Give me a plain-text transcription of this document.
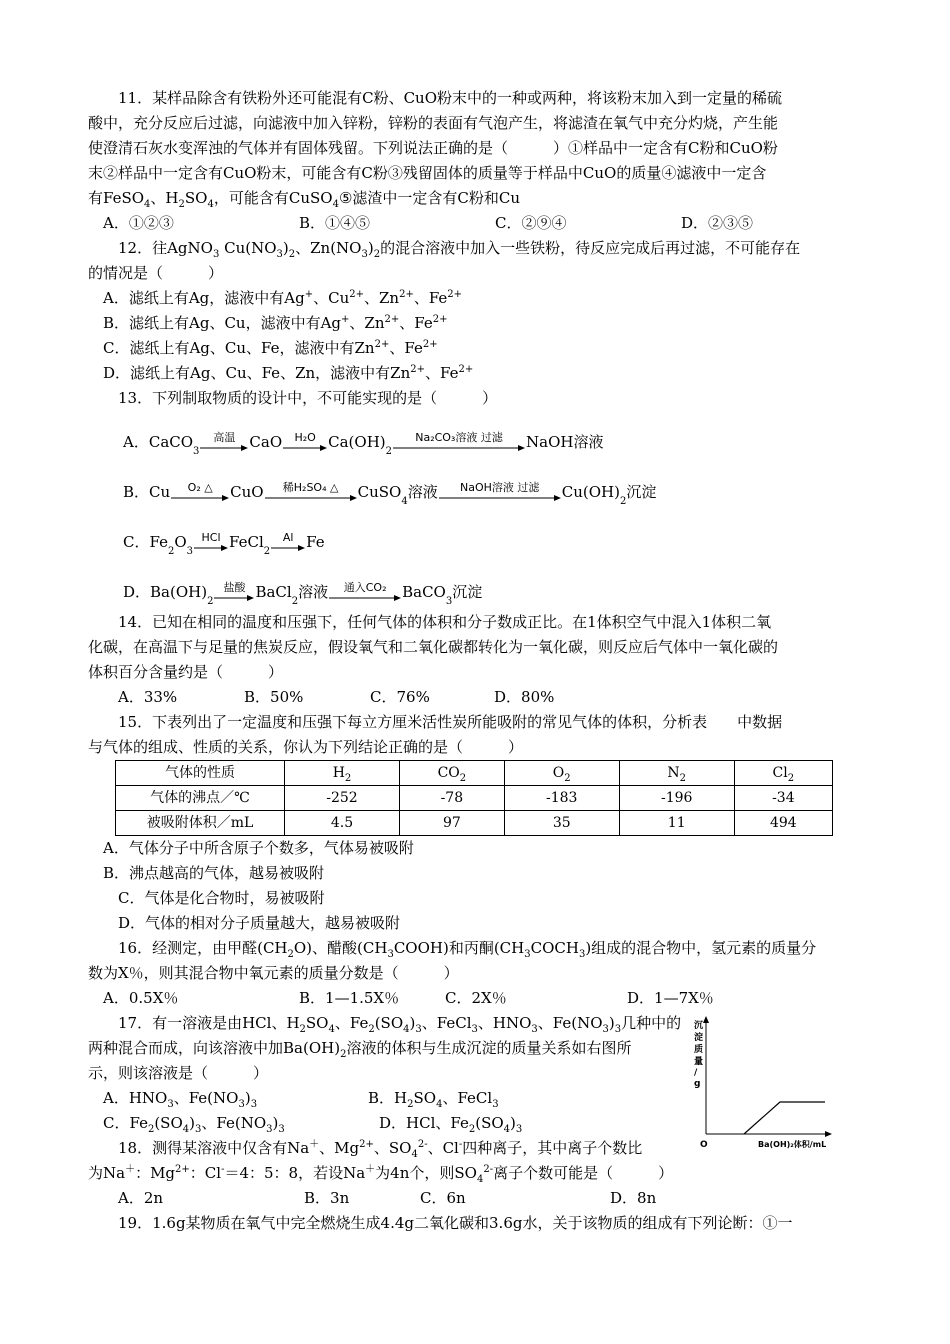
11．某样品除含有铁粉外还可能混有C粉、CuO粉末中的一种或两种，将该粉末加入到一定量的稀硫
酸中，充分反应后过滤，向滤液中加入锌粉，锌粉的表面有气泡产生，将滤渣在氧气中充分灼烧，产生能
使澄清石灰水变浑浊的气体并有固体残留。下列说法正确的是（　　　）①样品中一定含有C粉和CuO粉
末②样品中一定含有CuO粉末，可能含有C粉③残留固体的质量等于样品中CuO的质量④滤液中一定含
有FeSO$_4$、$H_2SO_4$，可能含有CuSO$_4$⑤滤渣中一定含有C粉和Cu
A．①②③	B．①④⑤	C．②⑨④	D．②③⑤
12．往AgNO$_3$ $Cu(NO_3)_2$、$Zn(NO_3)_2$的混合溶液中加入一些铁粉，待反应完成后再过滤，不可能存在
的情况是（　　　）
A．滤纸上有Ag，滤液中有Ag+、$Cu^{2+}$、$Zn^{2+}$、$Fe^{2+}$
B．滤纸上有Ag、Cu，滤液中有Ag+、$Zn^{2+}$、$Fe^{2+}$
C．滤纸上有Ag、Cu、Fe，滤液中有$Zn^{2+}$、$Fe^{2+}$
D．滤纸上有Ag、Cu、Fe、Zn，滤液中有$Zn^{2+}$、$Fe^{2+}$
13．下列制取物质的设计中，不可能实现的是（　　　）
A． CaCO
3
高温 CaO	H₂O Ca(OH)
2
Na₂CO₃溶液 过滤	NaOH溶液
B． Cu	O₂ △	CuO	稀H₂SO₄ △	CuSO
4
溶液	NaOH溶液 过滤	Cu(OH)
2
沉淀
C． Fe
2
O
3
HCl FeCl
2
Al Fe
D． Ba(OH)
2
盐酸 BaCl
2
溶液	通入CO₂	BaCO
3
沉淀
14．已知在相同的温度和压强下，任何气体的体积和分子数成正比。在1体积空气中混入1体积二氧
化碳，在高温下与足量的焦炭反应，假设氧气和二氧化碳都转化为一氧化碳，则反应后气体中一氧化碳的
体积百分含量约是（　　　）
A．33%	B．50%	C．76%	D．80%
15．下表列出了一定温度和压强下每立方厘米活性炭所能吸附的常见气体的体积，分析表　　中数据
与气体的组成、性质的关系，你认为下列结论正确的是（　　　）
气体的性质	$H_2$	$CO_2$	$O_2$	$N_2$	$Cl_2$
气体的沸点／℃	-252	-78	-183	-196	-34
被吸附体积／mL	4.5	97	35	11	494
A．气体分子中所含原子个数多，气体易被吸附
B．沸点越高的气体，越易被吸附
C．气体是化合物时，易被吸附
D．气体的相对分子质量越大，越易被吸附
16．经测定，由甲醛$(CH_2O)$、醋酸$(CH_3COOH)$和丙酮$(CH_3COCH_3)$组成的混合物中，氢元素的质量分
数为X％，则其混合物中氧元素的质量分数是（　　　）
A．0.5X％	B．1—1.5X％	C．2X％	D．1—7X％
17．有一溶液是由HCl、$H_2SO_4$、$Fe_2(SO_4)_3$、FeCl$_3$、$HNO_3$、$Fe(NO_3)_3$几种中的
两种混合而成，向该溶液中加$Ba(OH)_2$溶液的体积与生成沉淀的质量关系如右图所
示，则该溶液是（　　　）
A．$HNO_3$、$Fe(NO_3)_3$	B．$H_2SO_4$、FeCl$_3$
C．$Fe_2(SO_4)_3$、$Fe(NO_3)_3$	D．HCl、$Fe_2(SO_4)_3$
18．测得某溶液中仅含有Na＋、$Mg^{2+}$、$SO_4^{2-}$、Cl-四种离子，其中离子个数比
为Na＋：$Mg^{2+}$：Cl-＝4：5：8，若设Na＋为4n个，则$SO_4^{2-}$离子个数可能是（　　　）
A．2n	B．3n	C．6n	D．8n
19．1.6g某物质在氧气中完全燃烧生成4.4g二氧化碳和3.6g水，关于该物质的组成有下列论断：①一
沉
淀
质
量
/
g
O	Ba(OH)₂体积/mL
